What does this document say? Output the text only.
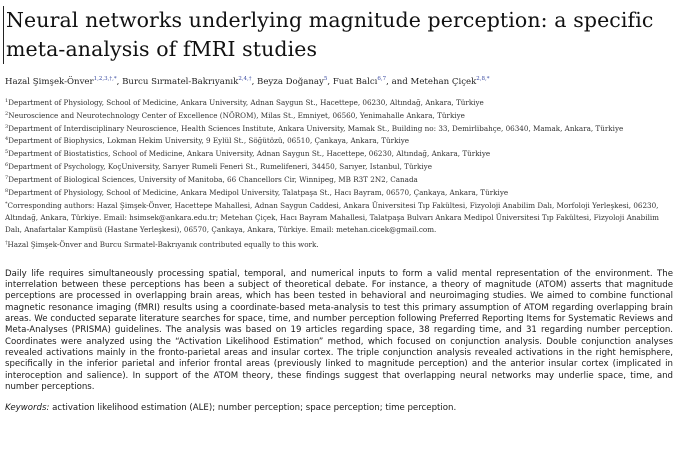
Neural networks underlying magnitude perception: a specific meta-analysis of fMRI studies
Hazal Şimşek-Önver$^{1,2,3,\dagger,*}$, Burcu Sırmatel-Bakrıyanık$^{2,4,\dagger}$, Beyza Doğanay$^5$, Fuat Balcı$^{6,7}$, and Metehan Çiçek$^{2,8,*}$
$^1$Department of Physiology, School of Medicine, Ankara University, Adnan Saygun St., Hacettepe, 06230, Altındağ, Ankara, Türkiye
$^2$Neuroscience and Neurotechnology Center of Excellence (NÖROM), Milas St., Emniyet, 06560, Yenimahalle Ankara, Türkiye
$^3$Department of Interdisciplinary Neuroscience, Health Sciences Institute, Ankara University, Mamak St., Building no: 33, Demirlibahçe, 06340, Mamak, Ankara, Türkiye
$^4$Department of Biophysics, Lokman Hekim University, 9 Eylül St., Söğütözü, 06510, Çankaya, Ankara, Türkiye
$^5$Department of Biostatistics, School of Medicine, Ankara University, Adnan Saygun St., Hacettepe, 06230, Altındağ, Ankara, Türkiye
$^6$Department of Psychology, KoçUniversity, Sarıyer Rumeli Feneri St., Rumelifeneri, 34450, Sarıyer, Istanbul, Türkiye
$^7$Department of Biological Sciences, University of Manitoba, 66 Chancellors Cir, Winnipeg, MB R3T 2N2, Canada
$^8$Department of Physiology, School of Medicine, Ankara Medipol University, Talatpaşa St., Hacı Bayram, 06570, Çankaya, Ankara, Türkiye
*Corresponding authors: Hazal Şimşek-Önver, Hacettepe Mahallesi, Adnan Saygun Caddesi, Ankara Üniversitesi Tıp Fakültesi, Fizyoloji Anabilim Dalı, Morfoloji Yerleşkesi, 06230, Altındağ, Ankara, Türkiye. Email: hsimsek@ankara.edu.tr; Metehan Çiçek, Hacı Bayram Mahallesi, Talatpaşa Bulvarı Ankara Medipol Üniversitesi Tıp Fakültesi, Fizyoloji Anabilim Dalı, Anafartalar Kampüsü (Hastane Yerleşkesi), 06570, Çankaya, Ankara, Türkiye. Email: metehan.cicek@gmail.com.
†Hazal Şimşek-Önver and Burcu Sırmatel-Bakrıyanık contributed equally to this work.

Daily life requires simultaneously processing spatial, temporal, and numerical inputs to form a valid mental representation of the environment. The interrelation between these perceptions has been a subject of theoretical debate. For instance, a theory of magnitude (ATOM) asserts that magnitude perceptions are processed in overlapping brain areas, which has been tested in behavioral and neuroimaging studies. We aimed to combine functional magnetic resonance imaging (fMRI) results using a coordinate-based meta-analysis to test this primary assumption of ATOM regarding overlapping brain areas. We conducted separate literature searches for space, time, and number perception following Preferred Reporting Items for Systematic Reviews and Meta-Analyses (PRISMA) guidelines. The analysis was based on 19 articles regarding space, 38 regarding time, and 31 regarding number perception. Coordinates were analyzed using the “Activation Likelihood Estimation” method, which focused on conjunction analysis. Double conjunction analyses revealed activations mainly in the fronto-parietal areas and insular cortex. The triple conjunction analysis revealed activations in the right hemisphere, specifically in the inferior parietal and inferior frontal areas (previously linked to magnitude perception) and the anterior insular cortex (implicated in interoception and salience). In support of the ATOM theory, these findings suggest that overlapping neural networks may underlie space, time, and number perceptions.

Keywords: activation likelihood estimation (ALE); number perception; space perception; time perception.
